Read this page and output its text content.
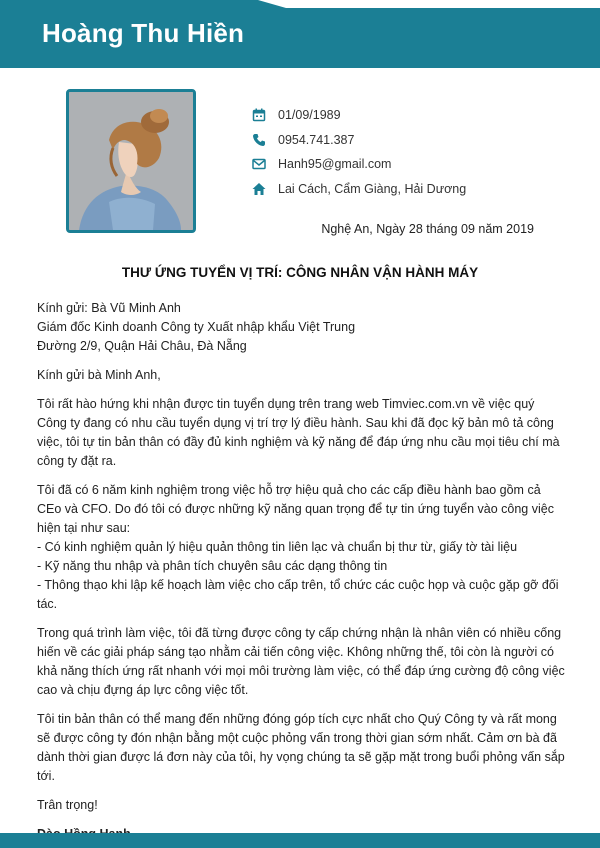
Hoàng Thu Hiền
01/09/1989
0954.741.387
Hanh95@gmail.com
Lai Cách, Cẩm Giàng, Hải Dương
Nghệ An, Ngày 28 tháng 09 năm 2019
THƯ ỨNG TUYỂN VỊ TRÍ: CÔNG NHÂN VẬN HÀNH MÁY

Kính gửi: Bà Vũ Minh Anh

Giám đốc Kinh doanh Công ty Xuất nhập khẩu Việt Trung

Đường 2/9, Quận Hải Châu, Đà Nẵng

Kính gửi bà Minh Anh,

Tôi rất hào hứng khi nhận được tin tuyển dụng trên trang web Timviec.com.vn về việc quý Công ty đang có nhu cầu tuyển dụng vị trí trợ lý điều hành. Sau khi đã đọc kỹ bản mô tả công việc, tôi tự tin bản thân có đầy đủ kinh nghiệm và kỹ năng để đáp ứng nhu cầu mọi tiêu chí mà công ty đặt ra.

Tôi đã có 6 năm kinh nghiệm trong việc hỗ trợ hiệu quả cho các cấp điều hành bao gồm cả CEo và CFO. Do đó tôi có được những kỹ năng quan trọng để tự tin ứng tuyển vào công việc hiện tại như sau:

- Có kinh nghiệm quản lý hiệu quản thông tin liên lạc và chuẩn bị thư từ, giấy tờ tài liệu
- Kỹ năng thu nhập và phân tích chuyên sâu các dạng thông tin
- Thông thạo khi lập kế hoạch làm việc cho cấp trên, tổ chức các cuộc họp và cuộc gặp gỡ đối tác.

Trong quá trình làm việc, tôi đã từng được công ty cấp chứng nhận là nhân viên có nhiều cống hiến về các giải pháp sáng tạo nhằm cải tiến công việc. Không những thế, tôi còn là người có khả năng thích ứng rất nhanh với mọi môi trường làm việc, có thể đáp ứng cường độ công việc cao và chịu đựng áp lực công việc tốt.

Tôi tin bản thân có thể mang đến những đóng góp tích cực nhất cho Quý Công ty và rất mong sẽ được công ty đón nhận bằng một cuộc phỏng vấn trong thời gian sớm nhất. Cảm ơn bà đã dành thời gian được lá đơn này của tôi, hy vọng chúng ta sẽ gặp mặt trong buổi phỏng vấn sắp tới.

Trân trọng!
